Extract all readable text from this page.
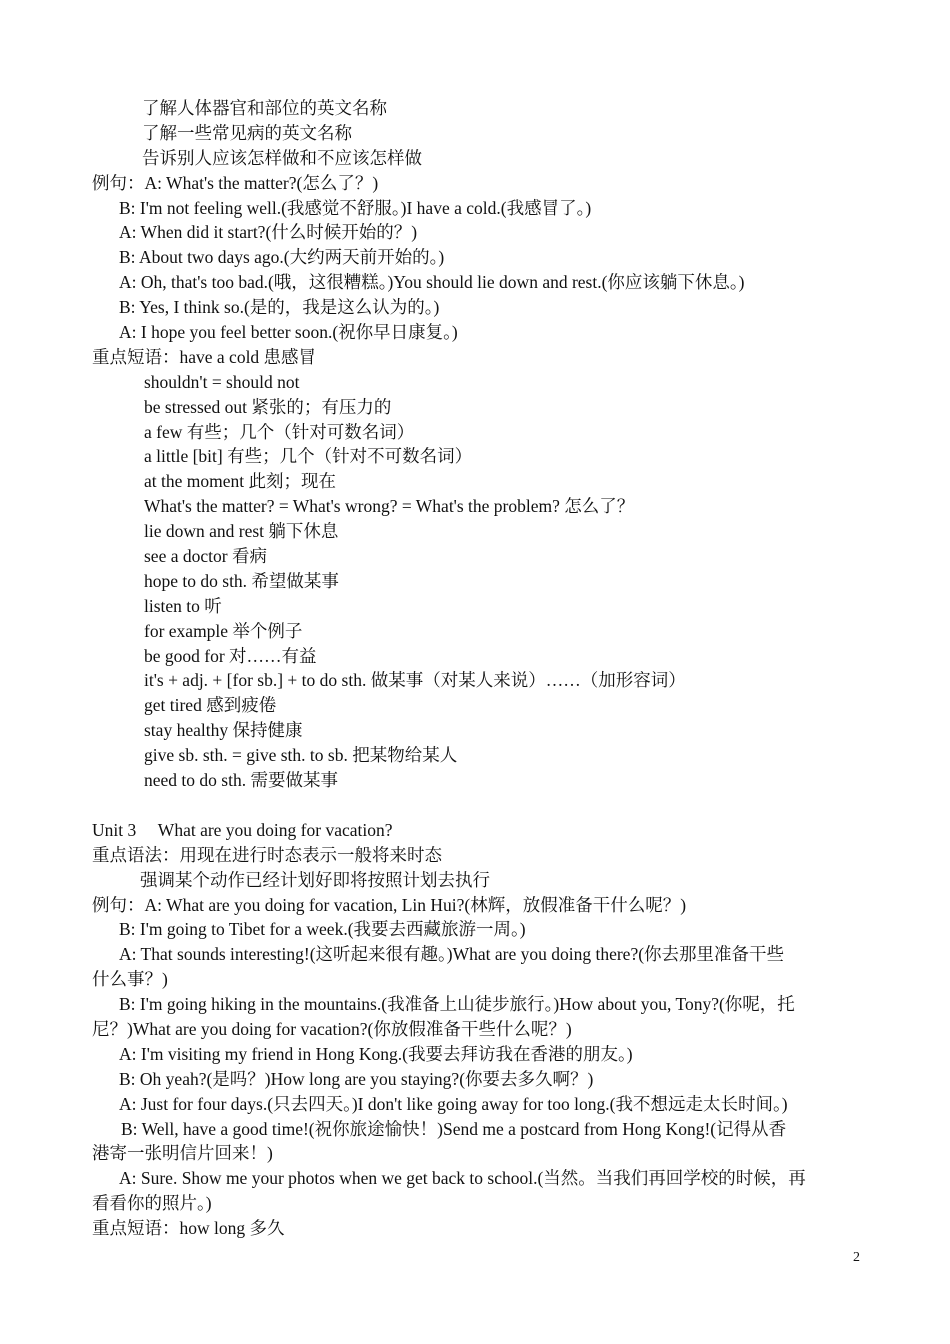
了解人体器官和部位的英文名称
了解一些常见病的英文名称
告诉别人应该怎样做和不应该怎样做
例句：A: What's the matter?(怎么了？)
B: I'm not feeling well.(我感觉不舒服。)I have a cold.(我感冒了。)
A: When did it start?(什么时候开始的？)
B: About two days ago.(大约两天前开始的。)
A: Oh, that's too bad.(哦，这很糟糕。)You should lie down and rest.(你应该躺下休息。)
B: Yes, I think so.(是的，我是这么认为的。)
A: I hope you feel better soon.(祝你早日康复。)
重点短语：have a cold 患感冒
shouldn't = should not
be stressed out 紧张的；有压力的
a few 有些；几个（针对可数名词）
a little [bit] 有些；几个（针对不可数名词）
at the moment 此刻；现在
What's the matter? = What's wrong? = What's the problem? 怎么了？
lie down and rest 躺下休息
see a doctor 看病
hope to do sth. 希望做某事
listen to 听
for example 举个例子
be good for 对……有益
it's + adj. + [for sb.] + to do sth. 做某事（对某人来说）……（加形容词）
get tired 感到疲倦
stay healthy 保持健康
give sb. sth. = give sth. to sb. 把某物给某人
need to do sth. 需要做某事
Unit 3     What are you doing for vacation?
重点语法：用现在进行时态表示一般将来时态
强调某个动作已经计划好即将按照计划去执行
例句：A: What are you doing for vacation, Lin Hui?(林辉，放假准备干什么呢？)
B: I'm going to Tibet for a week.(我要去西藏旅游一周。)
A: That sounds interesting!(这听起来很有趣。)What are you doing there?(你去那里准备干些
什么事？)
B: I'm going hiking in the mountains.(我准备上山徒步旅行。)How about you, Tony?(你呢，托
尼？)What are you doing for vacation?(你放假准备干些什么呢？)
A: I'm visiting my friend in Hong Kong.(我要去拜访我在香港的朋友。)
B: Oh yeah?(是吗？)How long are you staying?(你要去多久啊？)
A: Just for four days.(只去四天。)I don't like going away for too long.(我不想远走太长时间。)
B: Well, have a good time!(祝你旅途愉快！)Send me a postcard from Hong Kong!(记得从香
港寄一张明信片回来！)
A: Sure. Show me your photos when we get back to school.(当然。当我们再回学校的时候，再
看看你的照片。)
重点短语：how long 多久
2
